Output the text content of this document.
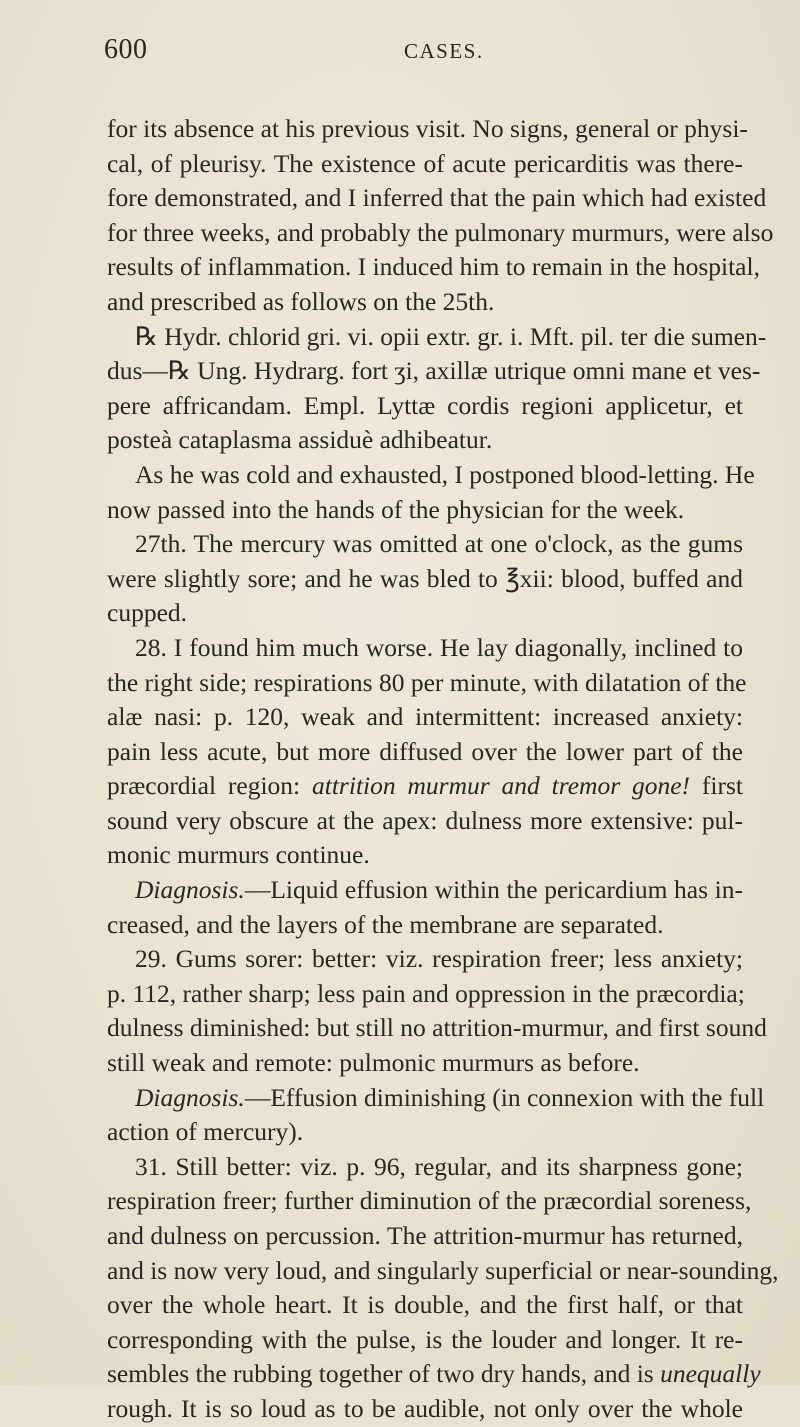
600	CASES.
for its absence at his previous visit. No signs, general or physi-
cal, of pleurisy. The existence of acute pericarditis was there-
fore demonstrated, and I inferred that the pain which had existed
for three weeks, and probably the pulmonary murmurs, were also
results of inflammation. I induced him to remain in the hospital,
and prescribed as follows on the 25th.
℞ Hydr. chlorid gri. vi. opii extr. gr. i. Mft. pil. ter die sumen-
dus—℞ Ung. Hydrarg. fort ʒi, axillæ utrique omni mane et ves-
pere affricandam. Empl. Lyttæ cordis regioni applicetur, et
posteà cataplasma assiduè adhibeatur.
As he was cold and exhausted, I postponed blood-letting. He
now passed into the hands of the physician for the week.
27th. The mercury was omitted at one o'clock, as the gums
were slightly sore; and he was bled to ℥xii: blood, buffed and
cupped.
28. I found him much worse. He lay diagonally, inclined to
the right side; respirations 80 per minute, with dilatation of the
alæ nasi: p. 120, weak and intermittent: increased anxiety:
pain less acute, but more diffused over the lower part of the
præcordial region: attrition murmur and tremor gone! first
sound very obscure at the apex: dulness more extensive: pul-
monic murmurs continue.
Diagnosis.—Liquid effusion within the pericardium has in-
creased, and the layers of the membrane are separated.
29. Gums sorer: better: viz. respiration freer; less anxiety;
p. 112, rather sharp; less pain and oppression in the præcordia;
dulness diminished: but still no attrition-murmur, and first sound
still weak and remote: pulmonic murmurs as before.
Diagnosis.—Effusion diminishing (in connexion with the full
action of mercury).
31. Still better: viz. p. 96, regular, and its sharpness gone;
respiration freer; further diminution of the præcordial soreness,
and dulness on percussion. The attrition-murmur has returned,
and is now very loud, and singularly superficial or near-sounding,
over the whole heart. It is double, and the first half, or that
corresponding with the pulse, is the louder and longer. It re-
sembles the rubbing together of two dry hands, and is unequally
rough. It is so loud as to be audible, not only over the whole
